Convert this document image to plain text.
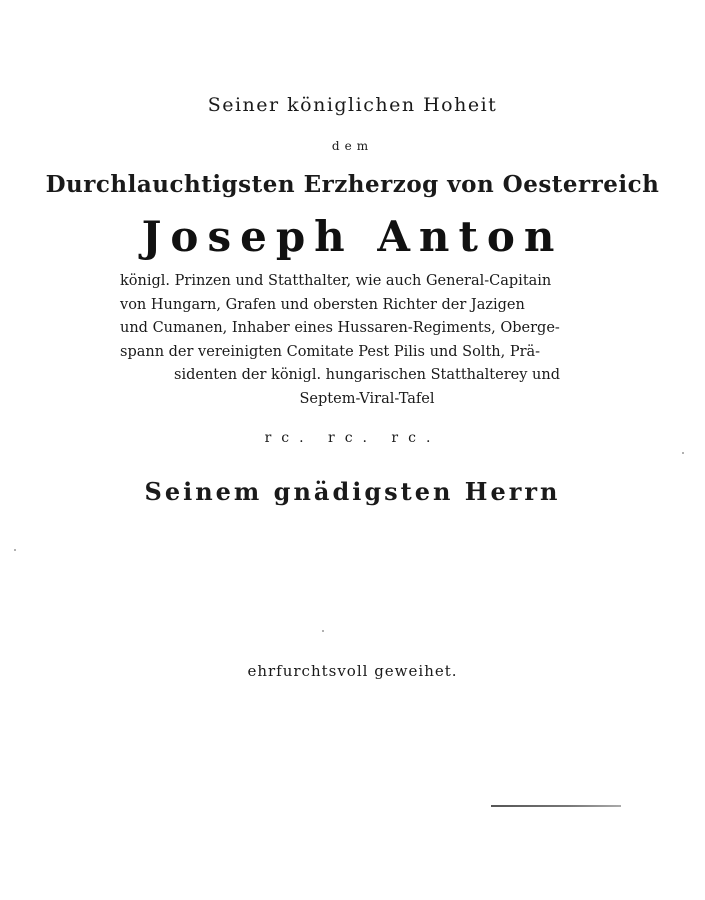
Seiner königlichen Hoheit
dem
Durchlauchtigsten Erzherzog von Oesterreich
Joseph Anton
königl. Prinzen und Statthalter, wie auch General-Capitain
von Hungarn, Grafen und obersten Richter der Jazigen
und Cumanen, Inhaber eines Hussaren-Regiments, Oberge-
spann der vereinigten Comitate Pest Pilis und Solth, Prä-
sidenten der königl. hungarischen Statthalterey und
Septem-Viral-Tafel
rc. rc. rc.
Seinem gnädigsten Herrn
ehrfurchtsvoll geweihet.
